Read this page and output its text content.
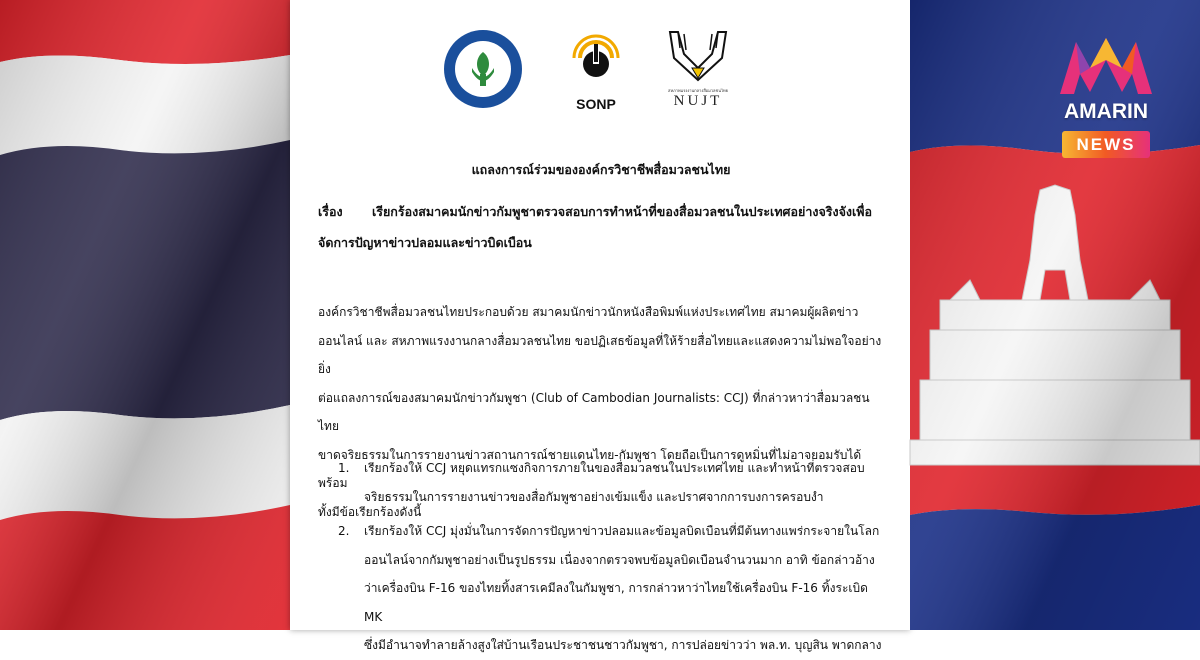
SONP
สหภาพแรงงานกลางสื่อมวลชนไทย
NUJT
แถลงการณ์ร่วมขององค์กรวิชาชีพสื่อมวลชนไทย
เรื่อง เรียกร้องสมาคมนักข่าวกัมพูชาตรวจสอบการทำหน้าที่ของสื่อมวลชนในประเทศอย่างจริงจังเพื่อ
จัดการปัญหาข่าวปลอมและข่าวบิดเบือน
องค์กรวิชาชีพสื่อมวลชนไทยประกอบด้วย สมาคมนักข่าวนักหนังสือพิมพ์แห่งประเทศไทย สมาคมผู้ผลิตข่าว
ออนไลน์ และ สหภาพแรงงานกลางสื่อมวลชนไทย ขอปฏิเสธข้อมูลที่ให้ร้ายสื่อไทยและแสดงความไม่พอใจอย่างยิ่ง
ต่อแถลงการณ์ของสมาคมนักข่าวกัมพูชา (Club of Cambodian Journalists: CCJ) ที่กล่าวหาว่าสื่อมวลชนไทย
ขาดจริยธรรมในการรายงานข่าวสถานการณ์ชายแดนไทย-กัมพูชา โดยถือเป็นการดูหมิ่นที่ไม่อาจยอมรับได้ พร้อม
ทั้งมีข้อเรียกร้องดังนี้
1. เรียกร้องให้ CCJ หยุดแทรกแซงกิจการภายในของสื่อมวลชนในประเทศไทย และทำหน้าที่ตรวจสอบ
จริยธรรมในการรายงานข่าวของสื่อกัมพูชาอย่างเข้มแข็ง และปราศจากการบงการครอบงำ
2. เรียกร้องให้ CCJ มุ่งมั่นในการจัดการปัญหาข่าวปลอมและข้อมูลบิดเบือนที่มีต้นทางแพร่กระจายในโลก
ออนไลน์จากกัมพูชาอย่างเป็นรูปธรรม เนื่องจากตรวจพบข้อมูลบิดเบือนจำนวนมาก อาทิ ข้อกล่าวอ้าง
ว่าเครื่องบิน F-16 ของไทยทิ้งสารเคมีลงในกัมพูชา, การกล่าวหาว่าไทยใช้เครื่องบิน F-16 ทิ้งระเบิด MK
ซึ่งมีอำนาจทำลายล้างสูงใส่บ้านเรือนประชาชนชาวกัมพูชา, การปล่อยข่าวว่า พล.ท. บุญสิน พาดกลาง
AMARIN
NEWS
